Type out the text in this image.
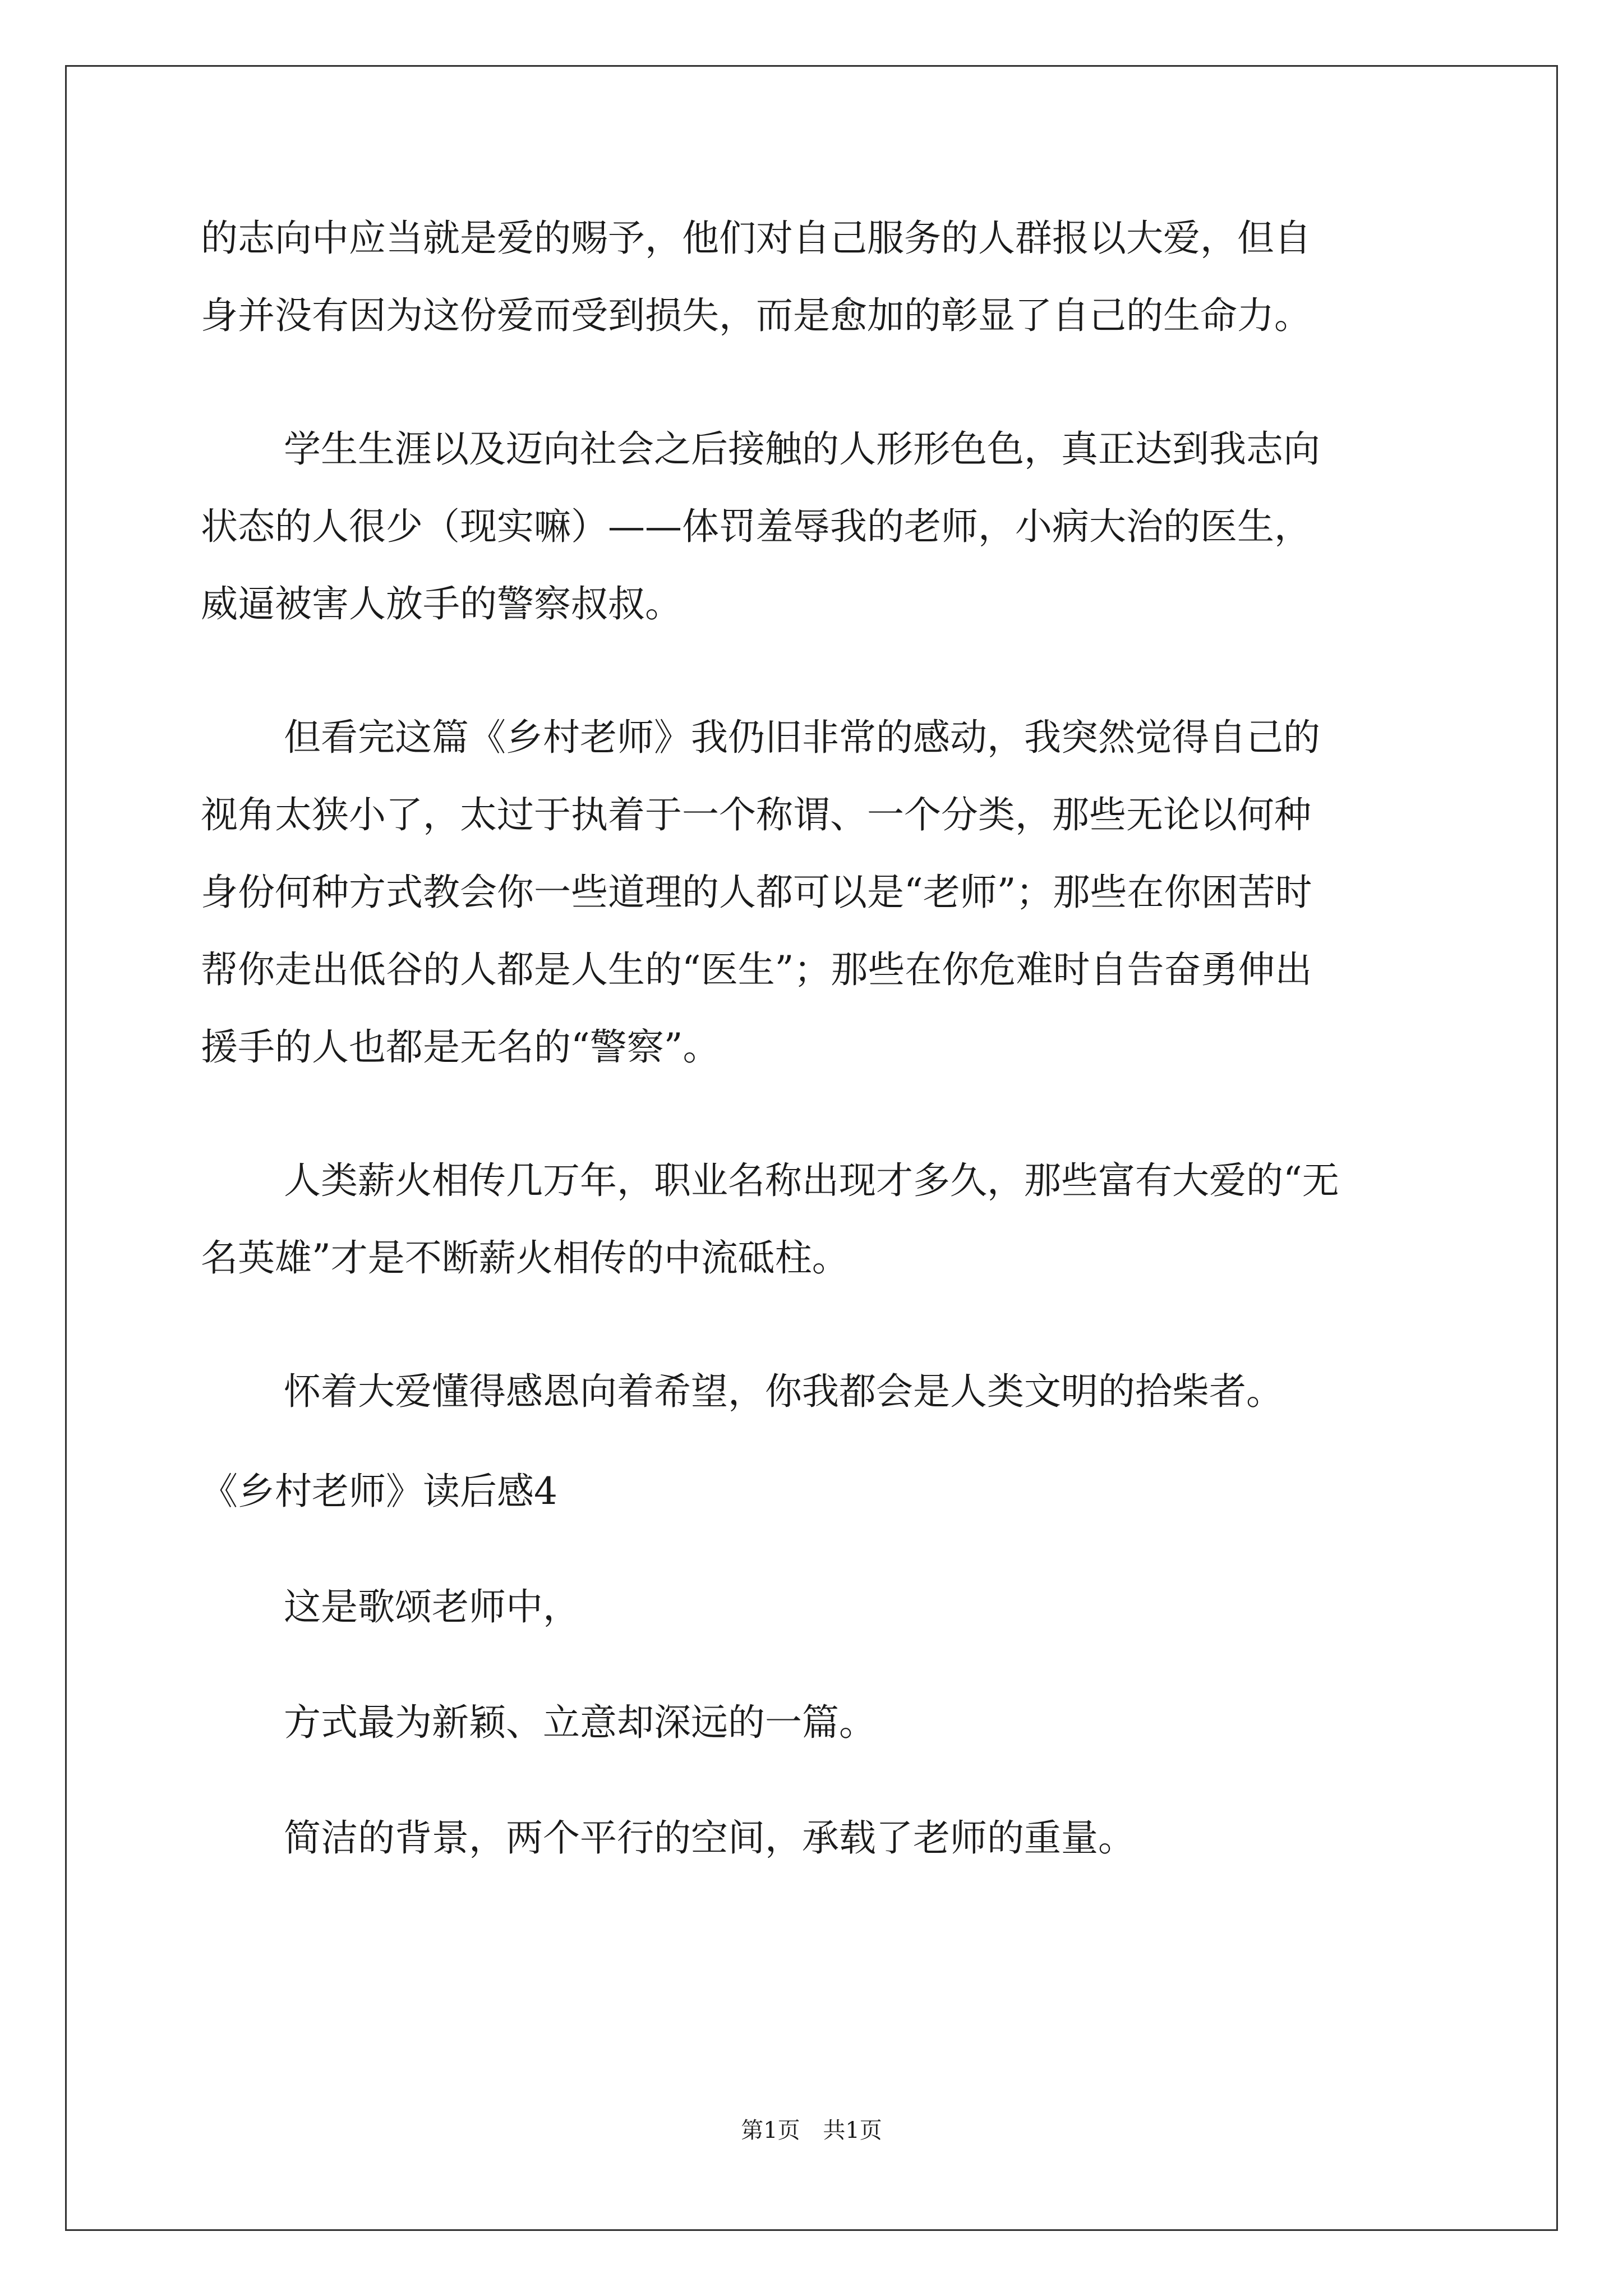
的志向中应当就是爱的赐予，他们对自己服务的人群报以大爱，但自
身并没有因为这份爱而受到损失，而是愈加的彰显了自己的生命力。
学生生涯以及迈向社会之后接触的人形形色色，真正达到我志向
状态的人很少（现实嘛）——体罚羞辱我的老师，小病大治的医生，
威逼被害人放手的警察叔叔。
但看完这篇《乡村老师》我仍旧非常的感动，我突然觉得自己的
视角太狭小了，太过于执着于一个称谓、一个分类，那些无论以何种
身份何种方式教会你一些道理的人都可以是“老师”；那些在你困苦时
帮你走出低谷的人都是人生的“医生”；那些在你危难时自告奋勇伸出
援手的人也都是无名的“警察”。
人类薪火相传几万年，职业名称出现才多久，那些富有大爱的“无
名英雄”才是不断薪火相传的中流砥柱。
怀着大爱懂得感恩向着希望，你我都会是人类文明的拾柴者。
《乡村老师》读后感4
这是歌颂老师中，
方式最为新颖、立意却深远的一篇。
简洁的背景，两个平行的空间，承载了老师的重量。
第1页 共1页
